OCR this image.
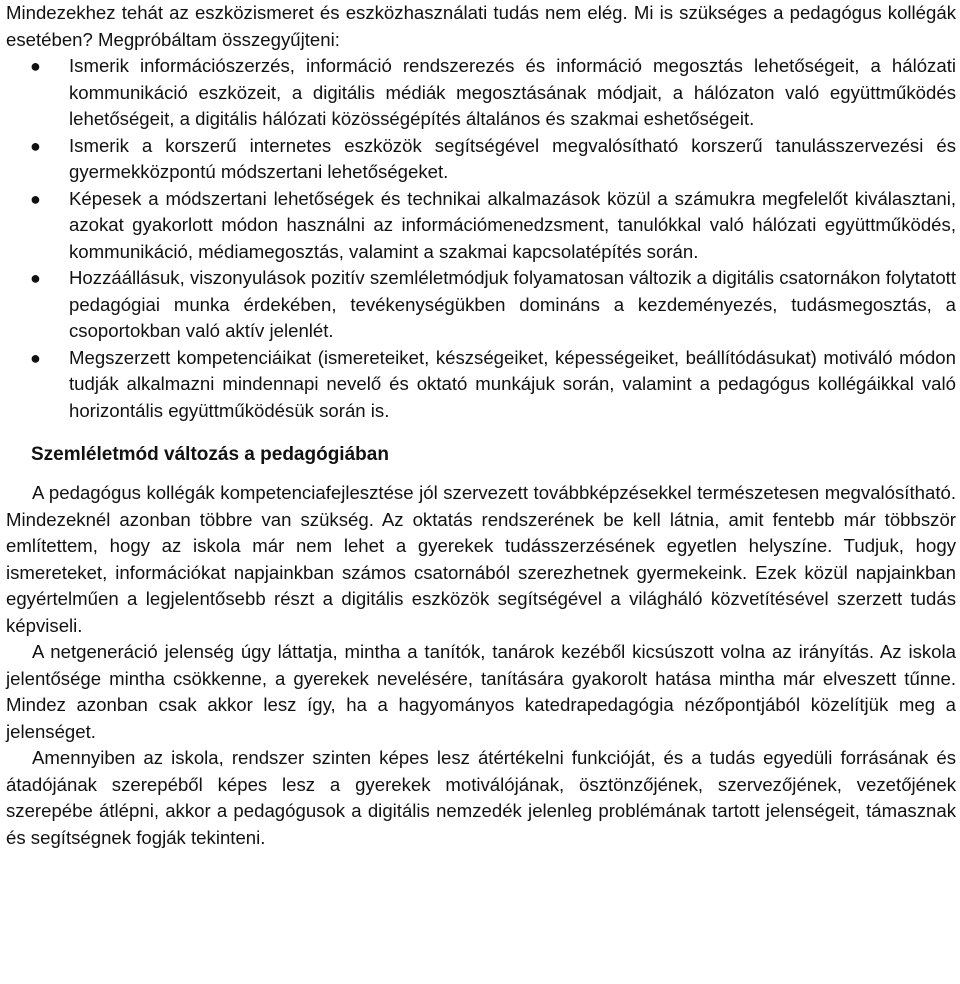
Mindezekhez tehát az eszközismeret és eszközhasználati tudás nem elég. Mi is szükséges a pedagógus kollégák esetében? Megpróbáltam összegyűjteni:

● Ismerik információszerzés, információ rendszerezés és információ megosztás lehetőségeit, a hálózati kommunikáció eszközeit, a digitális médiák megosztásának módjait, a hálózaton való együttműködés lehetőségeit, a digitális hálózati közösségépítés általános és szakmai eshetőségeit.
● Ismerik a korszerű internetes eszközök segítségével megvalósítható korszerű tanulásszervezési és gyermekközpontú módszertani lehetőségeket.
● Képesek a módszertani lehetőségek és technikai alkalmazások közül a számukra megfelelőt kiválasztani, azokat gyakorlott módon használni az információmenedzsment, tanulókkal való hálózati együttműködés, kommunikáció, médiamegosztás, valamint a szakmai kapcsolatépítés során.
● Hozzáállásuk, viszonyulások pozitív szemléletmódjuk folyamatosan változik a digitális csatornákon folytatott pedagógiai munka érdekében, tevékenységükben domináns a kezdeményezés, tudásmegosztás, a csoportokban való aktív jelenlét.
● Megszerzett kompetenciáikat (ismereteiket, készségeiket, képességeiket, beállítódásukat) motiváló módon tudják alkalmazni mindennapi nevelő és oktató munkájuk során, valamint a pedagógus kollégáikkal való horizontális együttműködésük során is.
Szemléletmód változás a pedagógiában

A pedagógus kollégák kompetenciafejlesztése jól szervezett továbbképzésekkel természetesen megvalósítható. Mindezeknél azonban többre van szükség. Az oktatás rendszerének be kell látnia, amit fentebb már többször említettem, hogy az iskola már nem lehet a gyerekek tudásszerzésének egyetlen helyszíne. Tudjuk, hogy ismereteket, információkat napjainkban számos csatornából szerezhetnek gyermekeink. Ezek közül napjainkban egyértelműen a legjelentősebb részt a digitális eszközök segítségével a világháló közvetítésével szerzett tudás képviseli.

A netgeneráció jelenség úgy láttatja, mintha a tanítók, tanárok kezéből kicsúszott volna az irányítás. Az iskola jelentősége mintha csökkenne, a gyerekek nevelésére, tanítására gyakorolt hatása mintha már elveszett tűnne. Mindez azonban csak akkor lesz így, ha a hagyományos katedrapedagógia nézőpontjából közelítjük meg a jelenséget.

Amennyiben az iskola, rendszer szinten képes lesz átértékelni funkcióját, és a tudás egyedüli forrásának és átadójának szerepéből képes lesz a gyerekek motiválójának, ösztönzőjének, szervezőjének, vezetőjének szerepébe átlépni, akkor a pedagógusok a digitális nemzedék jelenleg problémának tartott jelenségeit, támasznak és segítségnek fogják tekinteni.
